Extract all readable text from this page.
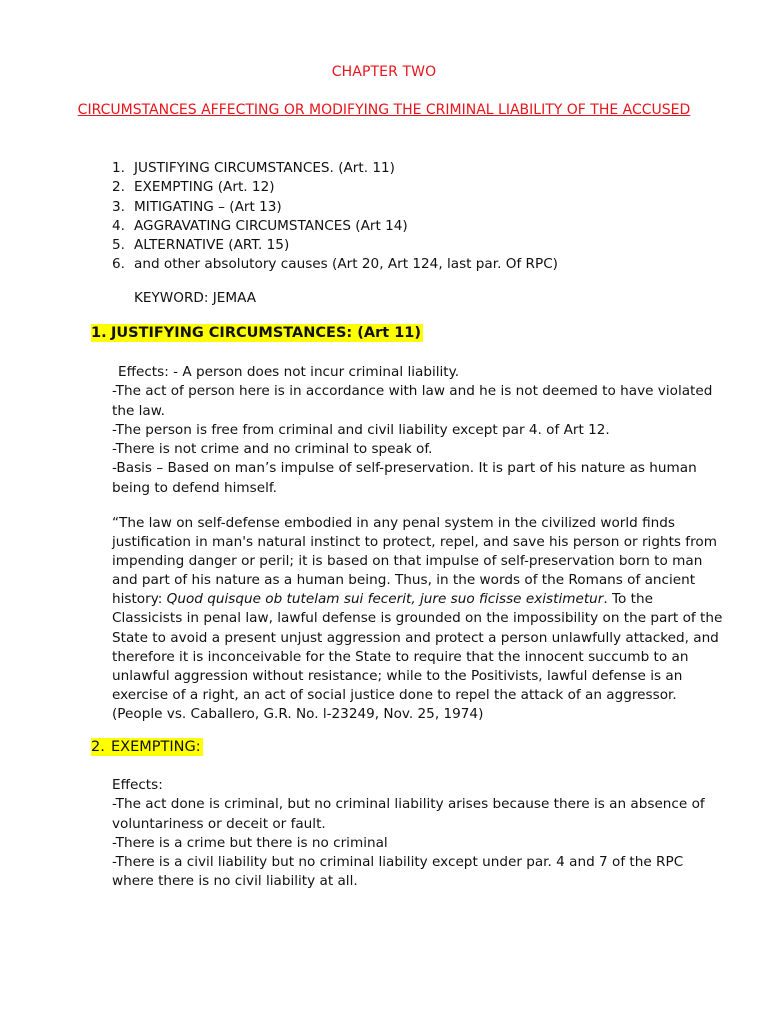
CHAPTER TWO
CIRCUMSTANCES AFFECTING OR MODIFYING THE CRIMINAL LIABILITY OF THE ACCUSED
1. JUSTIFYING CIRCUMSTANCES. (Art. 11)
2. EXEMPTING (Art. 12)
3. MITIGATING – (Art 13)
4. AGGRAVATING CIRCUMSTANCES (Art 14)
5. ALTERNATIVE (ART. 15)
6. and other absolutory causes (Art 20, Art 124, last par. Of RPC)
KEYWORD: JEMAA
1. JUSTIFYING CIRCUMSTANCES: (Art 11)

Effects: - A person does not incur criminal liability.

-The act of person here is in accordance with law and he is not deemed to have violated the law.

-The person is free from criminal and civil liability except par 4. of Art 12.

-There is not crime and no criminal to speak of.

-Basis – Based on man’s impulse of self-preservation. It is part of his nature as human being to defend himself.

“The law on self-defense embodied in any penal system in the civilized world finds justification in man's natural instinct to protect, repel, and save his person or rights from impending danger or peril; it is based on that impulse of self-preservation born to man and part of his nature as a human being. Thus, in the words of the Romans of ancient history: Quod quisque ob tutelam sui fecerit, jure suo ficisse existimetur. To the Classicists in penal law, lawful defense is grounded on the impossibility on the part of the State to avoid a present unjust aggression and protect a person unlawfully attacked, and therefore it is inconceivable for the State to require that the innocent succumb to an unlawful aggression without resistance; while to the Positivists, lawful defense is an exercise of a right, an act of social justice done to repel the attack of an aggressor.(People vs. Caballero, G.R. No. l-23249, Nov. 25, 1974)

2. EXEMPTING:

Effects:

-The act done is criminal, but no criminal liability arises because there is an absence of voluntariness or deceit or fault.

-There is a crime but there is no criminal

-There is a civil liability but no criminal liability except under par. 4 and 7 of the RPC where there is no civil liability at all.
